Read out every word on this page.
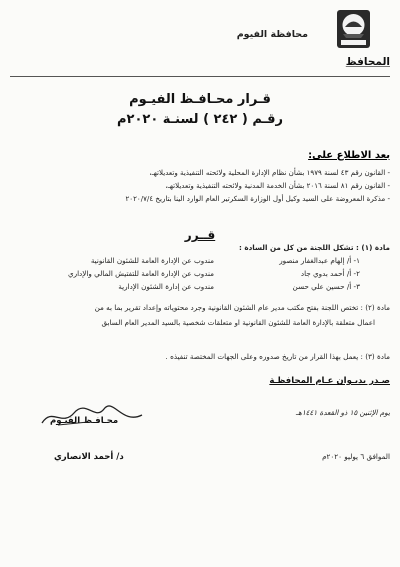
محافظة الفيوم
المحافظ
قـرار محـافـظ الفيـوم
رقـم ( ٢٤٢ ) لسنـة ٢٠٢٠م
بعد الاطلاع على:
- القانون رقم ٤٣ لسنة ١٩٧٩ بشأن نظام الإدارة المحلية ولائحته التنفيذية وتعديلاتهـ،
- القانون رقم ٨١ لسنة ٢٠١٦ بشأن الخدمة المدنية ولائحته التنفيذية وتعديلاتهـ،
- مذكرة المعروضة على السيد وكيل أول الوزارة السكرتير العام الوارد الينا بتاريخ ٢٠٢٠/٧/٤
قــرر
مادة (١) : تشكل اللجنة من كل من السادة :
١- أ/ إلهام عبدالغفار منصور
مندوب عن الإدارة العامة للشئون القانونية
٢- أ/ أحمد بدوي جاد
مندوب عن الإدارة العامة للتفتيش المالي والإداري
٣- أ/ حسين علي حسن
مندوب عن إدارة الشئون الإدارية
مادة (٢) : تختص اللجنة بفتح مكتب مدير عام الشئون القانونية وجرد محتوياته وإعداد تقرير بما به من
اعمال متعلقة بالإدارة العامة للشئون القانونية او متعلقات شخصية بالسيد المدير العام السابق
مادة (٣) : يعمل بهذا القرار من تاريخ صدوره وعلى الجهات المختصة تنفيذه .
صـدر بديـوان عـام المحافظـة
يوم الإثنين ١٥ ذو القعدة ١٤٤١هـ
الموافق ٦ يوليو ٢٠٢٠م
محـافـظ الفيـوم
د/ أحمد الانصاري
